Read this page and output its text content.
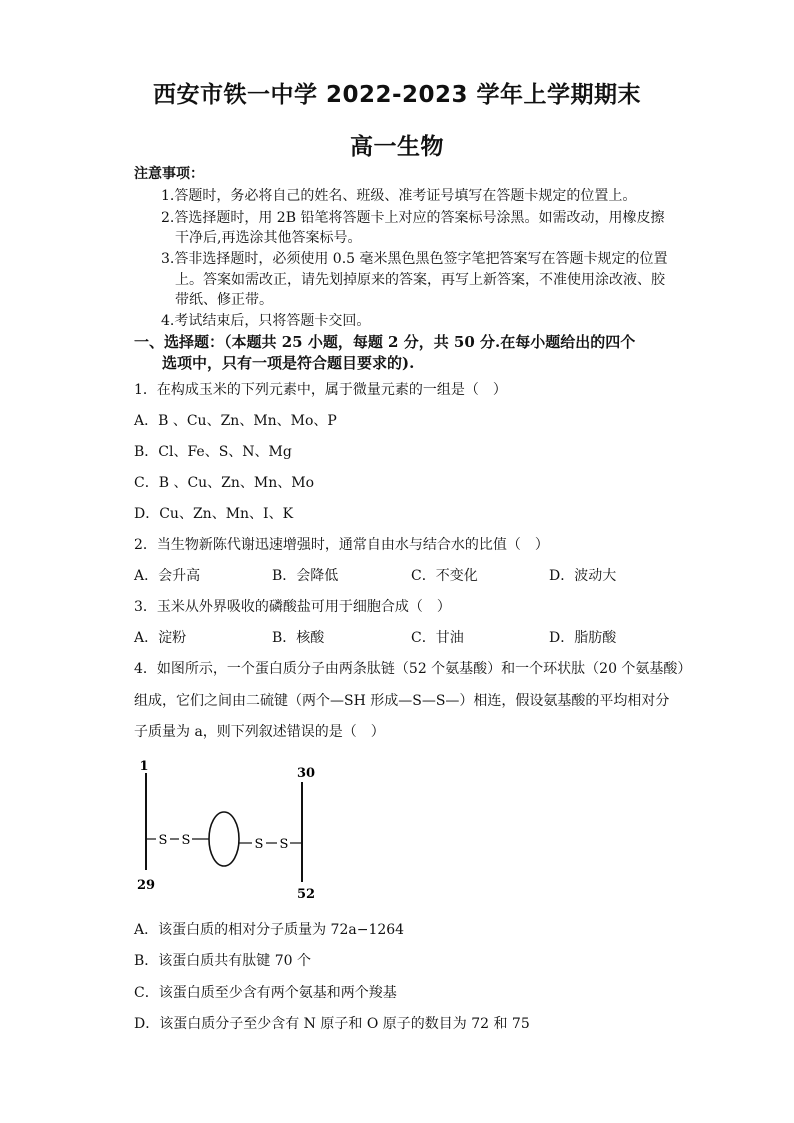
西安市铁一中学 2022-2023 学年上学期期末
高一生物
注意事项：
1.答题时，务必将自己的姓名、班级、准考证号填写在答题卡规定的位置上。
2.答选择题时，用 2B 铅笔将答题卡上对应的答案标号涂黑。如需改动，用橡皮擦
干净后,再选涂其他答案标号。
3.答非选择题时，必须使用 0.5 毫米黑色黑色签字笔把答案写在答题卡规定的位置
上。答案如需改正，请先划掉原来的答案，再写上新答案，不准使用涂改液、胶
带纸、修正带。
4.考试结束后，只将答题卡交回。
一、选择题：（本题共 25 小题，每题 2 分，共 50 分.在每小题给出的四个
选项中，只有一项是符合题目要求的).
1．在构成玉米的下列元素中，属于微量元素的一组是（　）
A．B 、Cu、Zn、Mn、Mo、P
B．Cl、Fe、S、N、Mg
C．B 、Cu、Zn、Mn、Mo
D．Cu、Zn、Mn、I、K
2．当生物新陈代谢迅速增强时，通常自由水与结合水的比值（　）
A．会升高	B．会降低	C．不变化	D．波动大
3．玉米从外界吸收的磷酸盐可用于细胞合成（　）
A．淀粉	B．核酸	C．甘油	D．脂肪酸
4．如图所示，一个蛋白质分子由两条肽链（52 个氨基酸）和一个环状肽（20 个氨基酸）
组成，它们之间由二硫键（两个—SH 形成—S—S—）相连，假设氨基酸的平均相对分
子质量为 a，则下列叙述错误的是（　）
S S	S S
1
29
30
52
A．该蛋白质的相对分子质量为 72a−1264
B．该蛋白质共有肽键 70 个
C．该蛋白质至少含有两个氨基和两个羧基
D．该蛋白质分子至少含有 N 原子和 O 原子的数目为 72 和 75
